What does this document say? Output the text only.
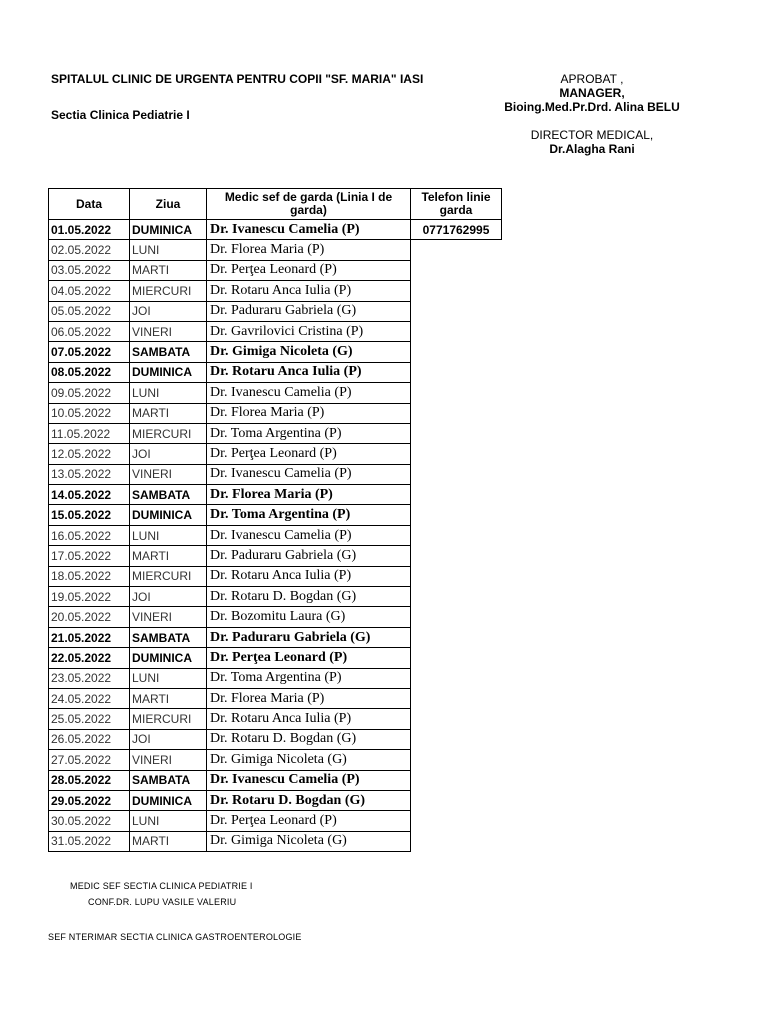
SPITALUL CLINIC DE URGENTA PENTRU COPII "SF. MARIA" IASI
Sectia Clinica Pediatrie I
APROBAT ,
MANAGER,
Bioing.Med.Pr.Drd. Alina BELU
DIRECTOR MEDICAL,
Dr.Alagha Rani
Data	Ziua	Medic sef de garda (Linia I de garda)	Telefon linie garda
01.05.2022	DUMINICA	Dr. Ivanescu Camelia (P)	0771762995
02.05.2022	LUNI	Dr. Florea Maria (P)	
03.05.2022	MARTI	Dr. Perţea Leonard (P)	
04.05.2022	MIERCURI	Dr. Rotaru Anca Iulia (P)	
05.05.2022	JOI	Dr. Paduraru Gabriela (G)	
06.05.2022	VINERI	Dr. Gavrilovici Cristina (P)	
07.05.2022	SAMBATA	Dr. Gimiga Nicoleta (G)	
08.05.2022	DUMINICA	Dr. Rotaru Anca Iulia (P)	
09.05.2022	LUNI	Dr. Ivanescu Camelia (P)	
10.05.2022	MARTI	Dr. Florea Maria (P)	
11.05.2022	MIERCURI	Dr. Toma Argentina (P)	
12.05.2022	JOI	Dr. Perţea Leonard (P)	
13.05.2022	VINERI	Dr. Ivanescu Camelia (P)	
14.05.2022	SAMBATA	Dr. Florea Maria (P)	
15.05.2022	DUMINICA	Dr. Toma Argentina (P)	
16.05.2022	LUNI	Dr. Ivanescu Camelia (P)	
17.05.2022	MARTI	Dr. Paduraru Gabriela (G)	
18.05.2022	MIERCURI	Dr. Rotaru Anca Iulia (P)	
19.05.2022	JOI	Dr. Rotaru D. Bogdan (G)	
20.05.2022	VINERI	Dr. Bozomitu Laura (G)	
21.05.2022	SAMBATA	Dr. Paduraru Gabriela (G)	
22.05.2022	DUMINICA	Dr. Perţea Leonard (P)	
23.05.2022	LUNI	Dr. Toma Argentina (P)	
24.05.2022	MARTI	Dr. Florea Maria (P)	
25.05.2022	MIERCURI	Dr. Rotaru Anca Iulia (P)	
26.05.2022	JOI	Dr. Rotaru D. Bogdan (G)	
27.05.2022	VINERI	Dr. Gimiga Nicoleta (G)	
28.05.2022	SAMBATA	Dr. Ivanescu Camelia (P)	
29.05.2022	DUMINICA	Dr. Rotaru D. Bogdan (G)	
30.05.2022	LUNI	Dr. Perţea Leonard (P)	
31.05.2022	MARTI	Dr. Gimiga Nicoleta (G)	
MEDIC SEF SECTIA CLINICA PEDIATRIE I
CONF.DR. LUPU VASILE VALERIU
SEF NTERIMAR SECTIA CLINICA GASTROENTEROLOGIE
